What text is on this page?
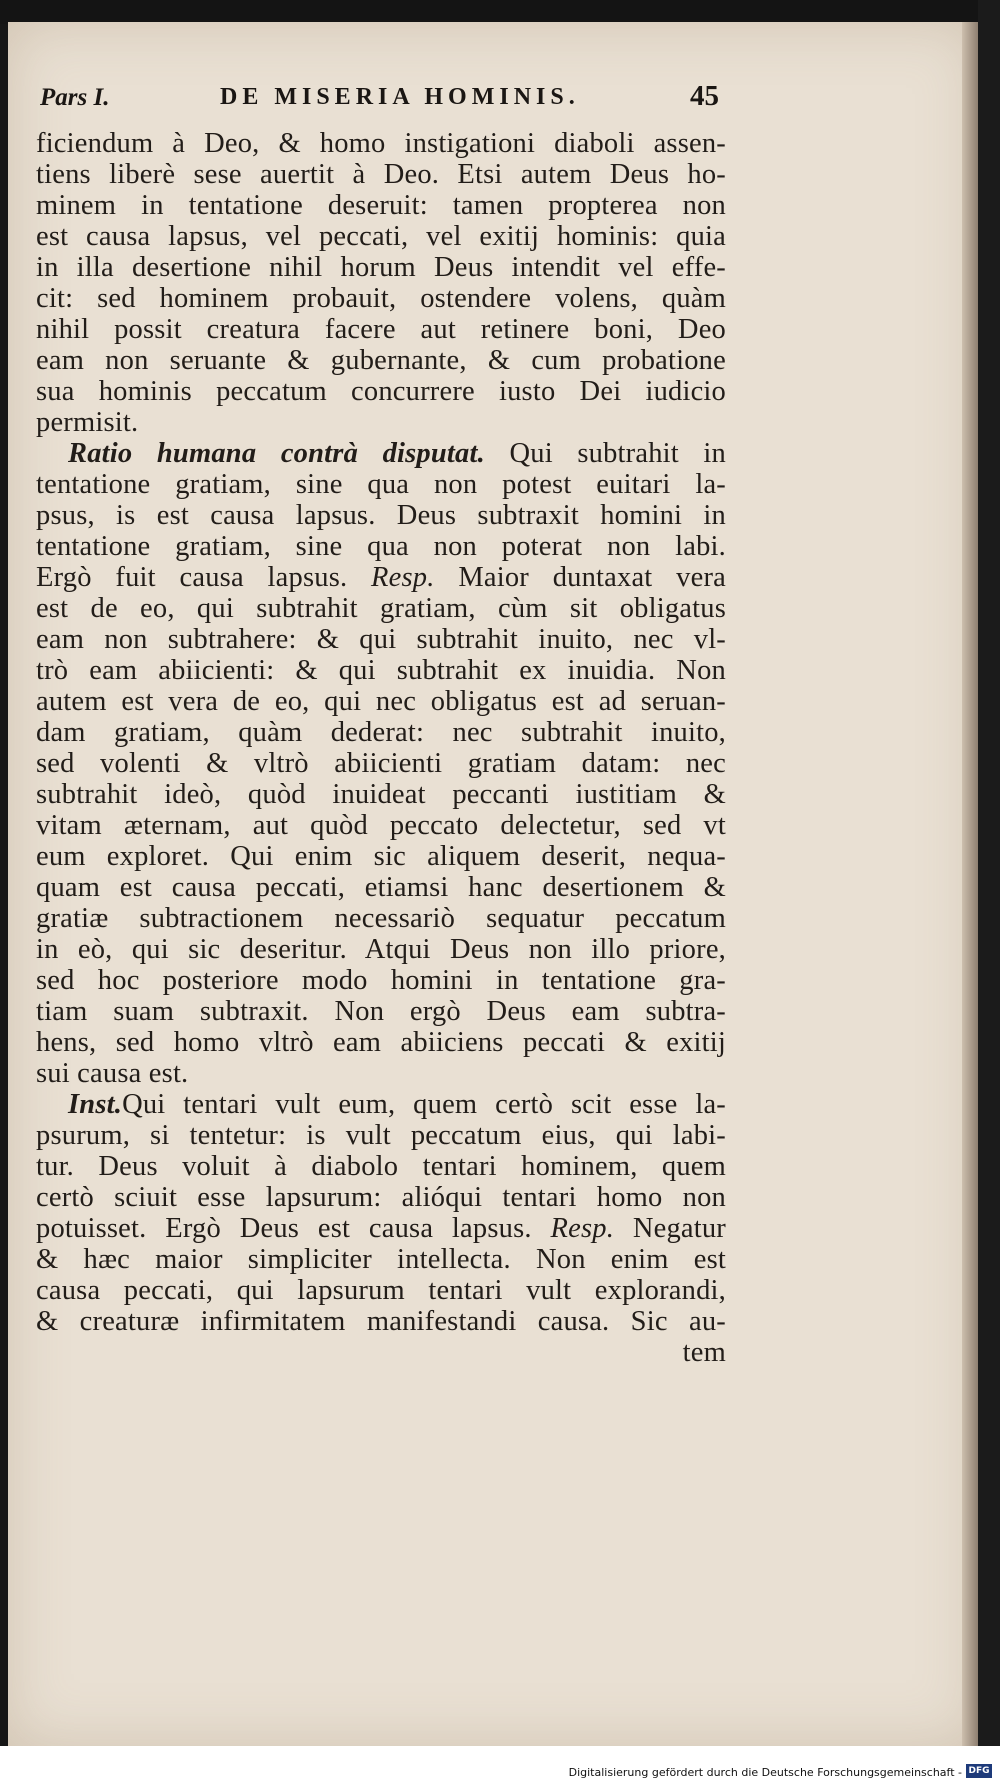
Pars I.	DE MISERIA HOMINIS.	45
ficiendum à Deo, & homo instigationi diaboli assen-
tiens liberè sese auertit à Deo. Etsi autem Deus ho-
minem in tentatione deseruit: tamen propterea non
est causa lapsus, vel peccati, vel exitij hominis: quia
in illa desertione nihil horum Deus intendit vel effe-
cit: sed hominem probauit, ostendere volens, quàm
nihil possit creatura facere aut retinere boni, Deo
eam non seruante & gubernante, & cum probatione
sua hominis peccatum concurrere iusto Dei iudicio
permisit.
Ratio humana contrà disputat. Qui subtrahit in
tentatione gratiam, sine qua non potest euitari la-
psus, is est causa lapsus. Deus subtraxit homini in
tentatione gratiam, sine qua non poterat non labi.
Ergò fuit causa lapsus. Resp. Maior duntaxat vera
est de eo, qui subtrahit gratiam, cùm sit obligatus
eam non subtrahere: & qui subtrahit inuito, nec vl-
trò eam abiicienti: & qui subtrahit ex inuidia. Non
autem est vera de eo, qui nec obligatus est ad seruan-
dam gratiam, quàm dederat: nec subtrahit inuito,
sed volenti & vltrò abiicienti gratiam datam: nec
subtrahit ideò, quòd inuideat peccanti iustitiam &
vitam æternam, aut quòd peccato delectetur, sed vt
eum exploret. Qui enim sic aliquem deserit, nequa-
quam est causa peccati, etiamsi hanc desertionem &
gratiæ subtractionem necessariò sequatur peccatum
in eò, qui sic deseritur. Atqui Deus non illo priore,
sed hoc posteriore modo homini in tentatione gra-
tiam suam subtraxit. Non ergò Deus eam subtra-
hens, sed homo vltrò eam abiiciens peccati & exitij
sui causa est.
Inst.Qui tentari vult eum, quem certò scit esse la-
psurum, si tentetur: is vult peccatum eius, qui labi-
tur. Deus voluit à diabolo tentari hominem, quem
certò sciuit esse lapsurum: alióqui tentari homo non
potuisset. Ergò Deus est causa lapsus. Resp. Negatur
& hæc maior simpliciter intellecta. Non enim est
causa peccati, qui lapsurum tentari vult explorandi,
& creaturæ infirmitatem manifestandi causa. Sic au-
tem
Digitalisierung gefördert durch die Deutsche Forschungsgemeinschaft - DFG
